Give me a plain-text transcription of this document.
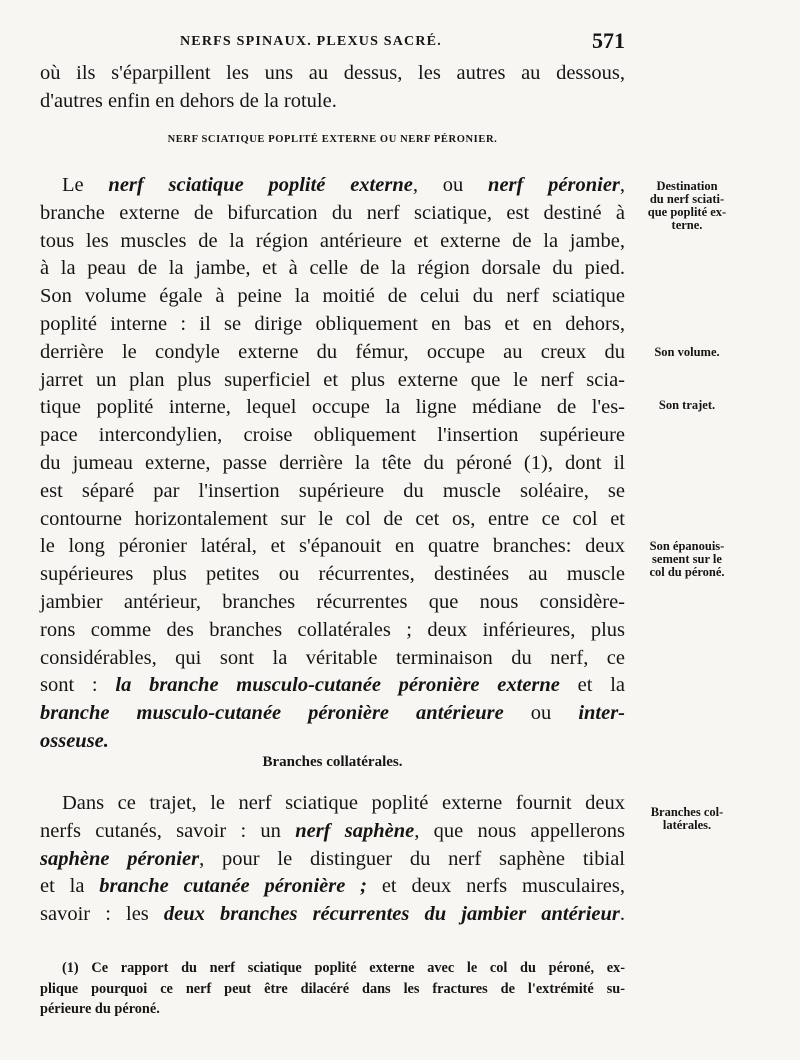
NERFS SPINAUX. PLEXUS SACRÉ.	571

où ils s'éparpillent les uns au dessus, les autres au dessous,

d'autres enfin en dehors de la rotule.

NERF SCIATIQUE POPLITÉ EXTERNE OU NERF PÉRONIER.

Le nerf sciatique poplité externe, ou nerf péronier,

branche externe de bifurcation du nerf sciatique, est destiné à

tous les muscles de la région antérieure et externe de la jambe,

à la peau de la jambe, et à celle de la région dorsale du pied.

Son volume égale à peine la moitié de celui du nerf sciatique

poplité interne : il se dirige obliquement en bas et en dehors,

derrière le condyle externe du fémur, occupe au creux du

jarret un plan plus superficiel et plus externe que le nerf scia-

tique poplité interne, lequel occupe la ligne médiane de l'es-

pace intercondylien, croise obliquement l'insertion supérieure

du jumeau externe, passe derrière la tête du péroné (1), dont il

est séparé par l'insertion supérieure du muscle soléaire, se

contourne horizontalement sur le col de cet os, entre ce col et

le long péronier latéral, et s'épanouit en quatre branches: deux

supérieures plus petites ou récurrentes, destinées au muscle

jambier antérieur, branches récurrentes que nous considère-

rons comme des branches collatérales ; deux inférieures, plus

considérables, qui sont la véritable terminaison du nerf, ce

sont : la branche musculo-cutanée péronière externe et la

branche musculo-cutanée péronière antérieure ou inter-

osseuse.

Branches collatérales.

Dans ce trajet, le nerf sciatique poplité externe fournit deux

nerfs cutanés, savoir : un nerf saphène, que nous appellerons

saphène péronier, pour le distinguer du nerf saphène tibial

et la branche cutanée péronière ; et deux nerfs musculaires,

savoir : les deux branches récurrentes du jambier antérieur.

(1) Ce rapport du nerf sciatique poplité externe avec le col du péroné, ex-

plique pourquoi ce nerf peut être dilacéré dans les fractures de l'extrémité su-

périeure du péroné.

Destination
du nerf sciati-
que poplité ex-
terne.
Son volume.
Son trajet.
Son épanouis-
sement sur le
col du péroné.
Branches col-
latérales.
